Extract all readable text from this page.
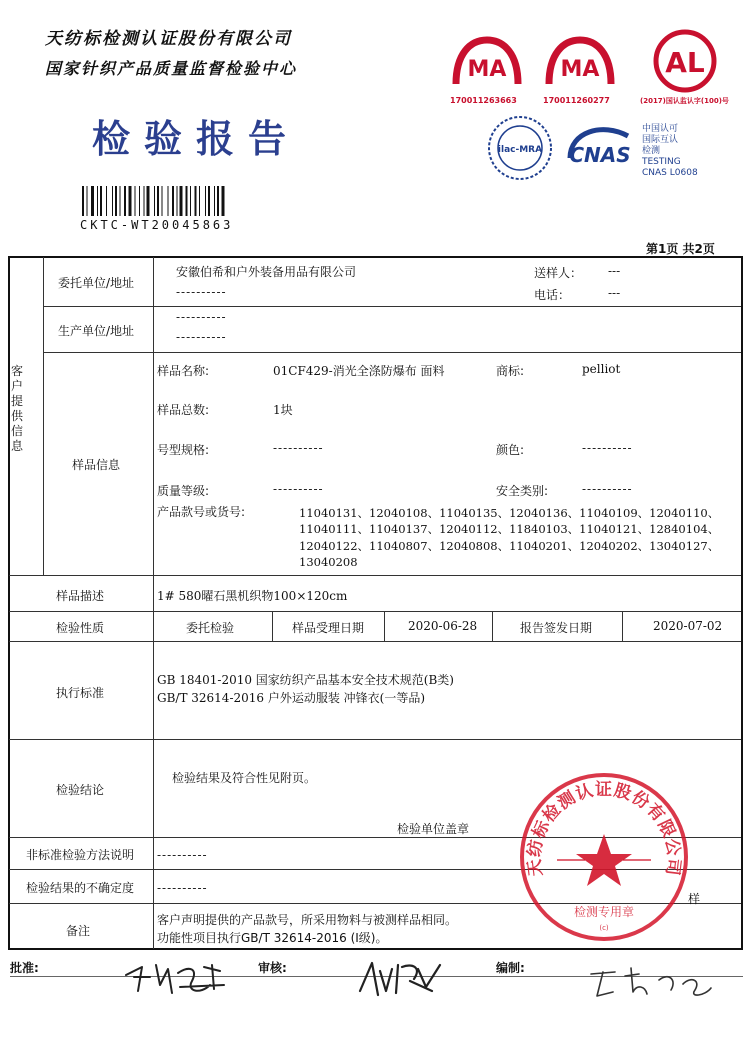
天纺标检测认证股份有限公司
国家针织产品质量监督检验中心
检验报告
CKTC-WT20045863
MA
170011263663
MA
170011260277
AL
(2017)国认监认字(100)号
ilac-MRA CNAS
中国认可
国际互认
检测
TESTING
CNAS L0608
第1页 共2页
客户提供信息
委托单位/地址
安徽伯希和户外装备用品有限公司
----------
送样人： ---
电话：	---
生产单位/地址
----------
----------
样品信息
样品名称:	01CF429-消光全涤防爆布 面料	商标:	pelliot
样品总数:	1块
号型规格:	----------	颜色:	----------
质量等级:	----------	安全类别:	----------
产品款号或货号:	11040131、12040108、11040135、12040136、11040109、12040110、
11040111、11040137、12040112、11840103、11040121、12840104、
12040122、11040807、12040808、11040201、12040202、13040127、
13040208
样品描述	1# 580曜石黑机织物100×120cm
检验性质	委托检验	样品受理日期	2020-06-28	报告签发日期	2020-07-02
执行标准
GB 18401-2010 国家纺织产品基本安全技术规范(B类)
GB/T 32614-2016 户外运动服装 冲锋衣(一等品)
检验结论
检验结果及符合性见附页。
检验单位盖章
非标准检验方法说明 ----------
检验结果的不确定度 ----------
备注
客户声明提供的产品款号，所采用物料与被测样品相同。
功能性项目执行GB/T 32614-2016 (Ⅰ级)。
样
天纺标检测认证股份有限公司
检测专用章
(c)
批准:	审核:	编制:
